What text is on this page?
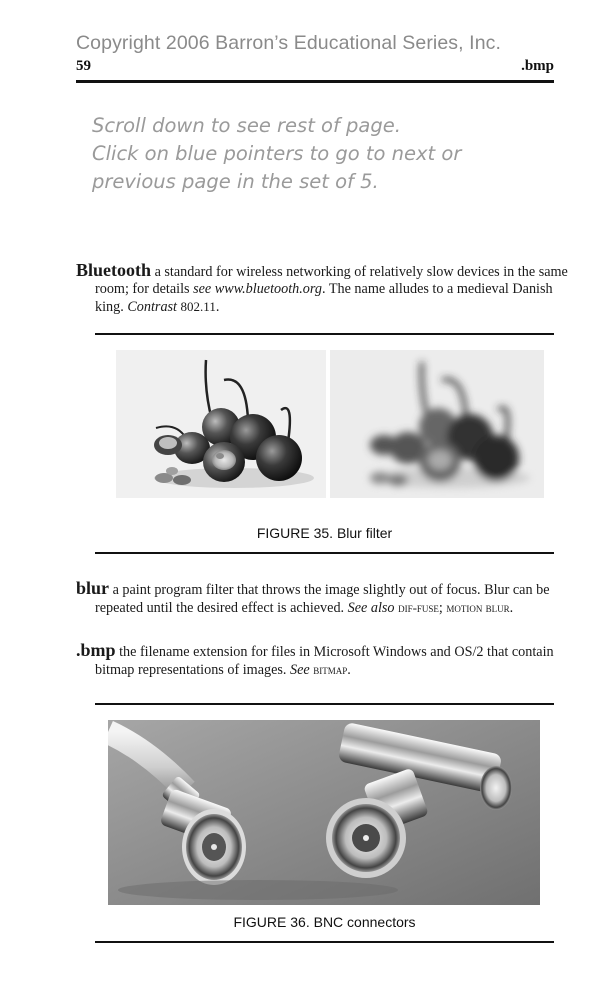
Copyright 2006 Barron’s Educational Series, Inc.
59	.bmp
Scroll down to see rest of page.
Click on blue pointers to go to next or
previous page in the set of 5.
Bluetooth a standard for wireless networking of relatively slow devices in the same room; for details see www.bluetooth.org. The name alludes to a medieval Danish king. Contrast 802.11.
FIGURE 35. Blur filter
blur a paint program filter that throws the image slightly out of focus. Blur can be repeated until the desired effect is achieved. See also dif-fuse; motion blur.
.bmp the filename extension for files in Microsoft Windows and OS/2 that contain bitmap representations of images. See bitmap.
FIGURE 36. BNC connectors
